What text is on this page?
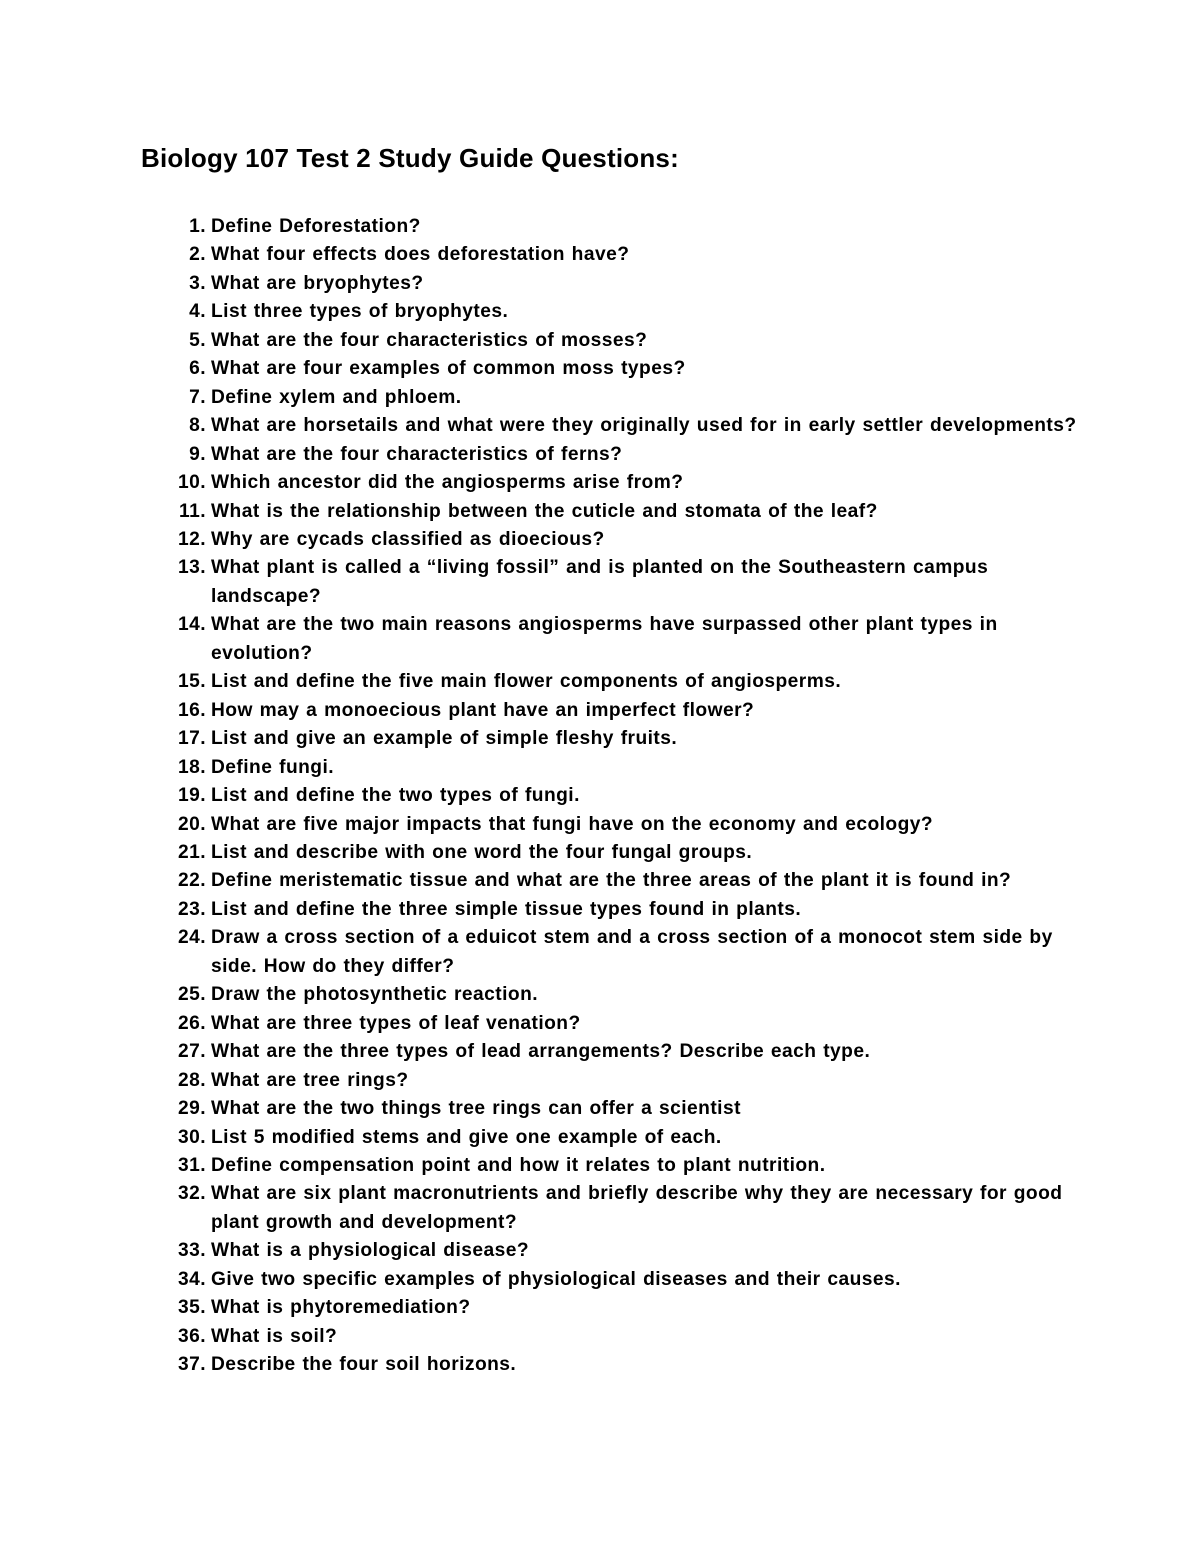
Biology 107 Test 2 Study Guide Questions:
1. Define Deforestation?
2. What four effects does deforestation have?
3. What are bryophytes?
4. List three types of bryophytes.
5. What are the four characteristics of mosses?
6. What are four examples of common moss types?
7. Define xylem and phloem.
8. What are horsetails and what were they originally used for in early settler developments?
9. What are the four characteristics of ferns?
10. Which ancestor did the angiosperms arise from?
11. What is the relationship between the cuticle and stomata of the leaf?
12. Why are cycads classified as dioecious?
13. What plant is called a “living fossil” and is planted on the Southeastern campus landscape?
14. What are the two main reasons angiosperms have surpassed other plant types in evolution?
15. List and define the five main flower components of angiosperms.
16. How may a monoecious plant have an imperfect flower?
17. List and give an example of simple fleshy fruits.
18. Define fungi.
19. List and define the two types of fungi.
20. What are five major impacts that fungi have on the economy and ecology?
21. List and describe with one word the four fungal groups.
22. Define meristematic tissue and what are the three areas of the plant it is found in?
23. List and define the three simple tissue types found in plants.
24. Draw a cross section of a eduicot stem and a cross section of a monocot stem side by side. How do they differ?
25. Draw the photosynthetic reaction.
26. What are three types of leaf venation?
27. What are the three types of lead arrangements? Describe each type.
28. What are tree rings?
29. What are the two things tree rings can offer a scientist
30. List 5 modified stems and give one example of each.
31. Define compensation point and how it relates to plant nutrition.
32. What are six plant macronutrients and briefly describe why they are necessary for good plant growth and development?
33. What is a physiological disease?
34. Give two specific examples of physiological diseases and their causes.
35. What is phytoremediation?
36. What is soil?
37. Describe the four soil horizons.
